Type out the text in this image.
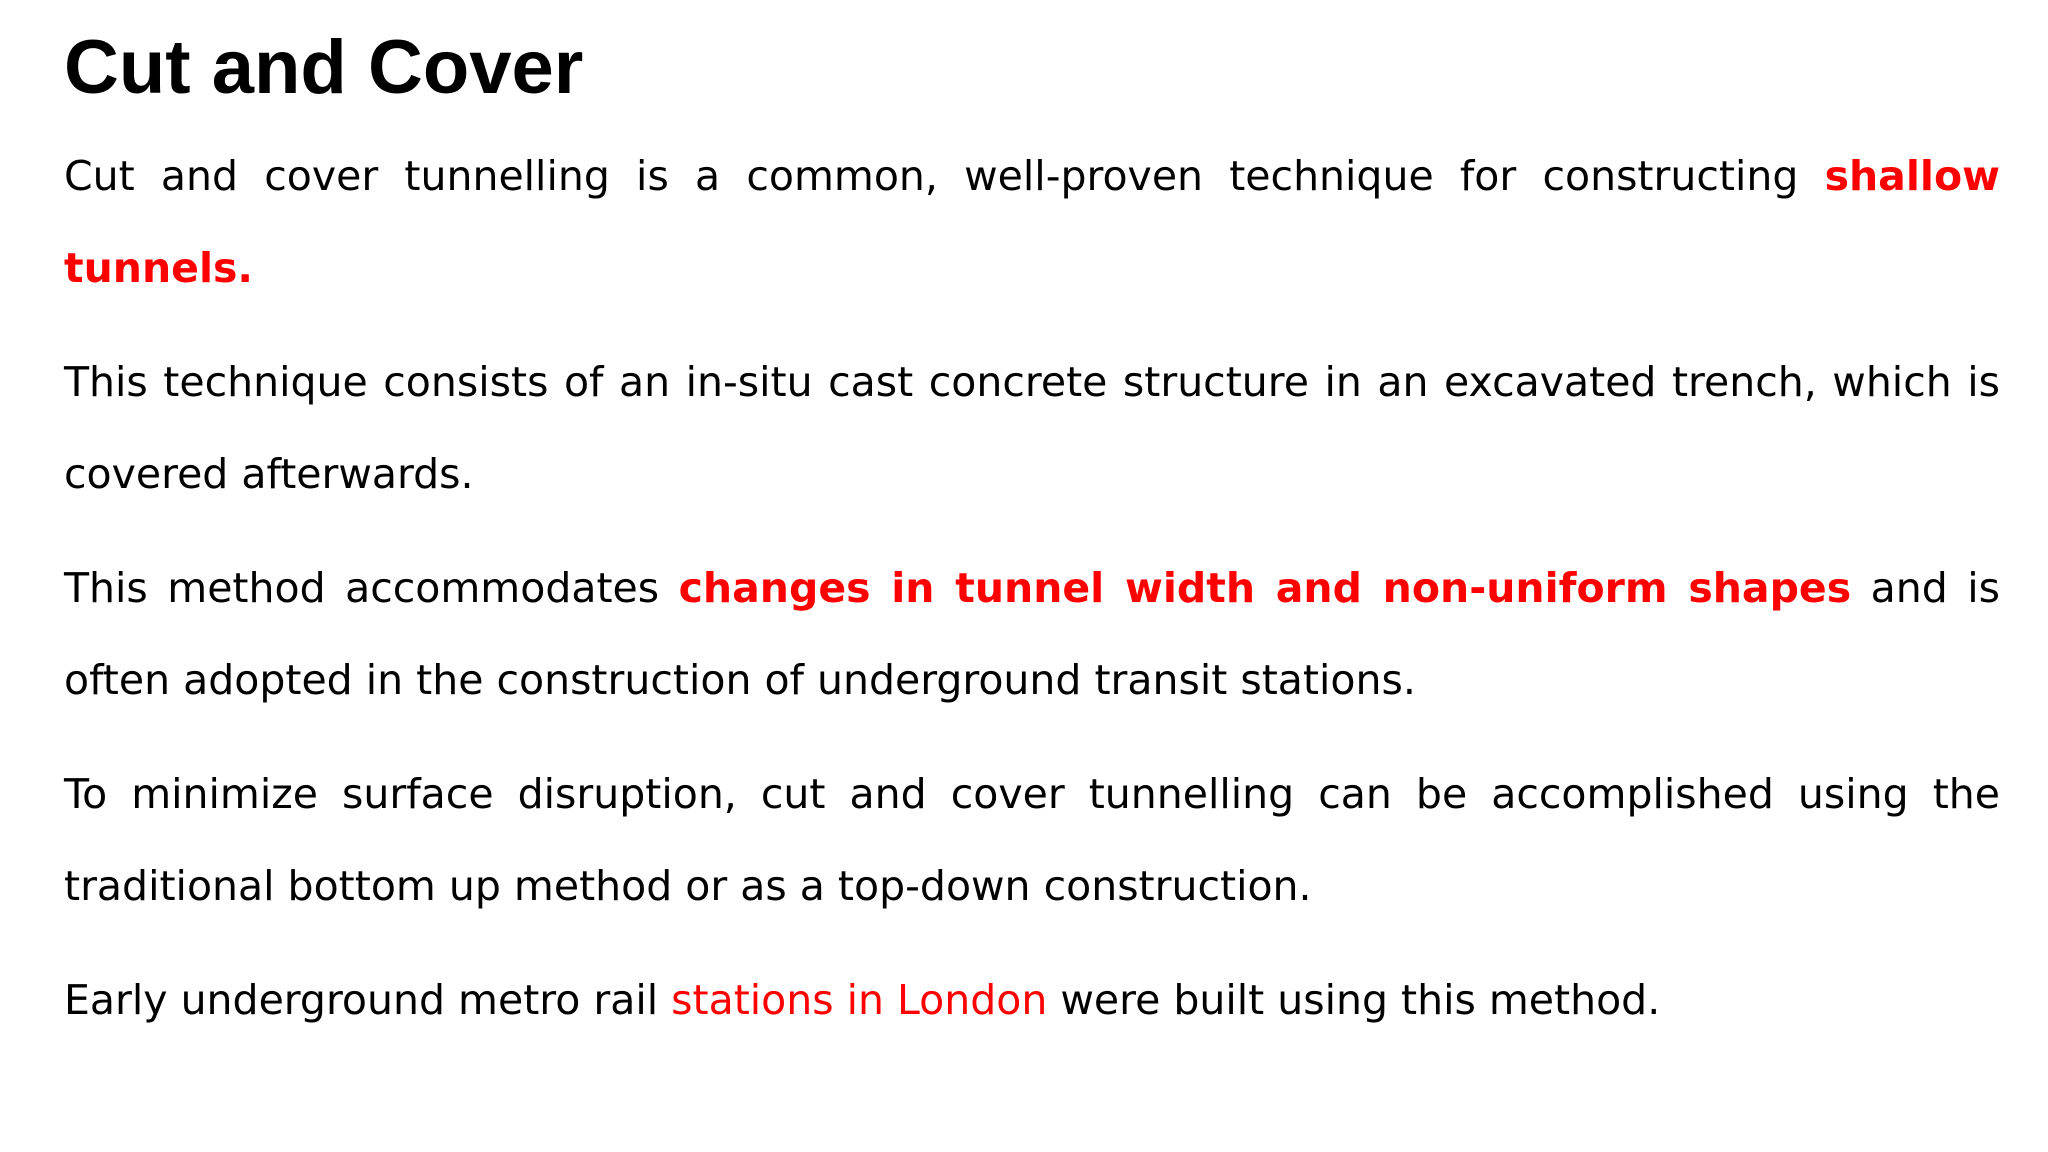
Cut and Cover

Cut and cover tunnelling is a common, well-proven technique for constructing shallow tunnels.

This technique consists of an in-situ cast concrete structure in an excavated trench, which is covered afterwards.

This method accommodates changes in tunnel width and non-uniform shapes and is often adopted in the construction of underground transit stations.

To minimize surface disruption, cut and cover tunnelling can be accomplished using the traditional bottom up method or as a top-down construction.

Early underground metro rail stations in London were built using this method.
